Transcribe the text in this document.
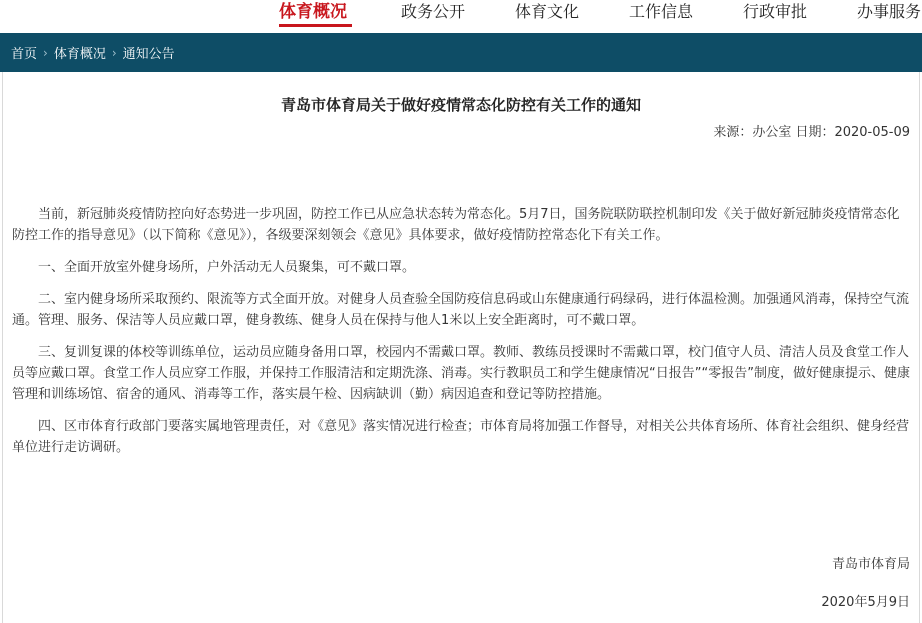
体育概况	政务公开	体育文化	工作信息	行政审批	办事服务
首页 › 体育概况 › 通知公告
青岛市体育局关于做好疫情常态化防控有关工作的通知
来源：办公室 日期：2020-05-09

当前，新冠肺炎疫情防控向好态势进一步巩固，防控工作已从应急状态转为常态化。5月7日，国务院联防联控机制印发《关于做好新冠肺炎疫情常态化防控工作的指导意见》（以下简称《意见》），各级要深刻领会《意见》具体要求，做好疫情防控常态化下有关工作。

一、全面开放室外健身场所，户外活动无人员聚集，可不戴口罩。

二、室内健身场所采取预约、限流等方式全面开放。对健身人员查验全国防疫信息码或山东健康通行码绿码，进行体温检测。加强通风消毒，保持空气流通。管理、服务、保洁等人员应戴口罩，健身教练、健身人员在保持与他人1米以上安全距离时，可不戴口罩。

三、复训复课的体校等训练单位，运动员应随身备用口罩，校园内不需戴口罩。教师、教练员授课时不需戴口罩，校门值守人员、清洁人员及食堂工作人员等应戴口罩。食堂工作人员应穿工作服，并保持工作服清洁和定期洗涤、消毒。实行教职员工和学生健康情况“日报告”“零报告”制度，做好健康提示、健康管理和训练场馆、宿舍的通风、消毒等工作，落实晨午检、因病缺训（勤）病因追查和登记等防控措施。

四、区市体育行政部门要落实属地管理责任，对《意见》落实情况进行检查；市体育局将加强工作督导，对相关公共体育场所、体育社会组织、健身经营单位进行走访调研。

青岛市体育局
2020年5月9日
